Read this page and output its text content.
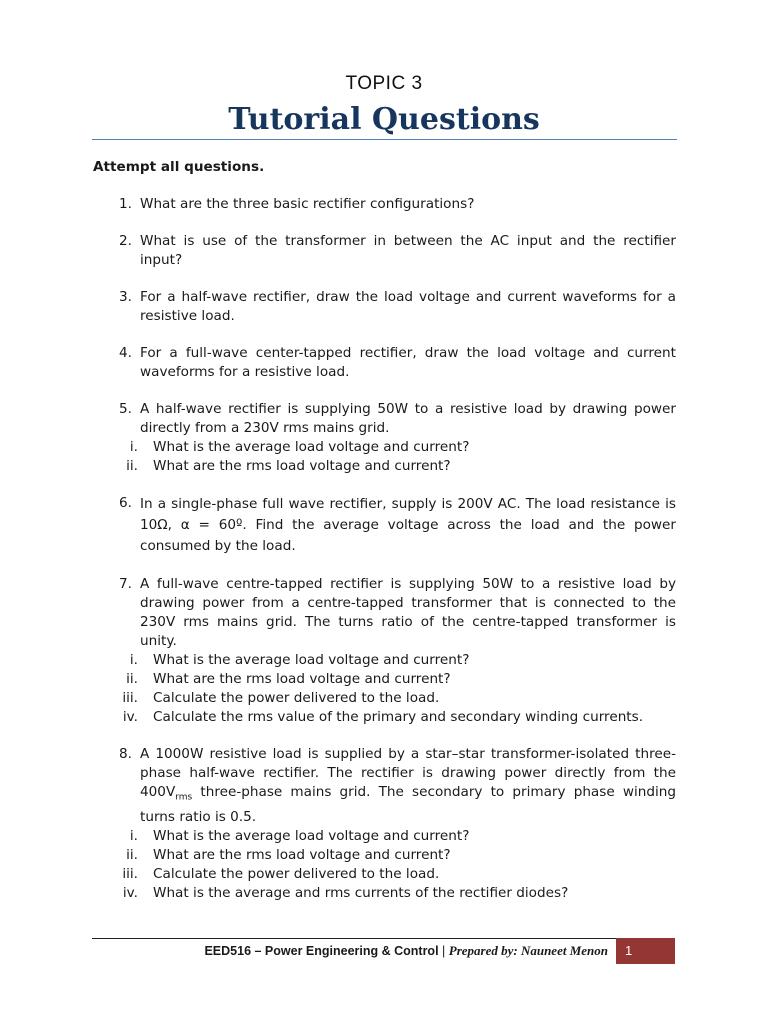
TOPIC 3
Tutorial Questions
Attempt all questions.
1. What are the three basic rectifier configurations?
2. What is use of the transformer in between the AC input and the rectifier input?
3. For a half-wave rectifier, draw the load voltage and current waveforms for a resistive load.
4. For a full-wave center-tapped rectifier, draw the load voltage and current waveforms for a resistive load.
5. A half-wave rectifier is supplying 50W to a resistive load by drawing power directly from a 230V rms mains grid.
i.	What is the average load voltage and current?
ii.	What are the rms load voltage and current?
6. In a single-phase full wave rectifier, supply is 200V AC. The load resistance is 10Ω, α = 60º. Find the average voltage across the load and the power consumed by the load.
7. A full-wave centre-tapped rectifier is supplying 50W to a resistive load by drawing power from a centre-tapped transformer that is connected to the 230V rms mains grid. The turns ratio of the centre-tapped transformer is unity.
i.	What is the average load voltage and current?
ii.	What are the rms load voltage and current?
iii.	Calculate the power delivered to the load.
iv.	Calculate the rms value of the primary and secondary winding currents.
8. A 1000W resistive load is supplied by a star–star transformer-isolated three-phase half-wave rectifier. The rectifier is drawing power directly from the $400V_{rms}$ three-phase mains grid. The secondary to primary phase winding turns ratio is 0.5.
i.	What is the average load voltage and current?
ii.	What are the rms load voltage and current?
iii.	Calculate the power delivered to the load.
iv.	What is the average and rms currents of the rectifier diodes?
EED516 – Power Engineering & Control | Prepared by: Nauneet Menon	1
